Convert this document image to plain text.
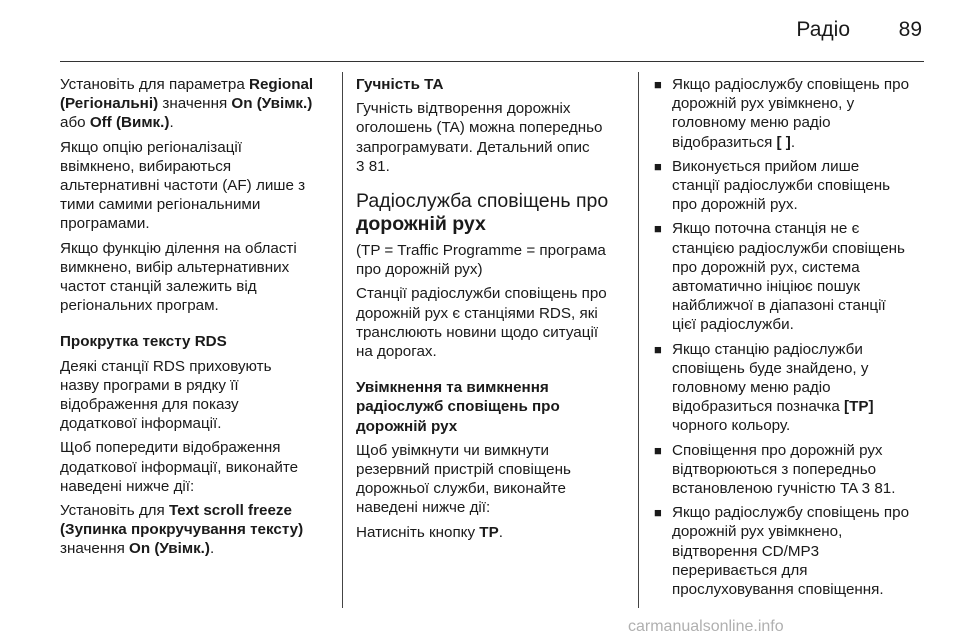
Радіо	89

Установіть для параметра Regional
(Регіональні) значення On (Увімк.)
або Off (Вимк.).

Якщо опцію регіоналізації
ввімкнено, вибираються
альтернативні частоти (AF) лише з
тими самими регіональними
програмами.

Якщо функцію ділення на області
вимкнено, вибір альтернативних
частот станцій залежить від
регіональних програм.

Прокрутка тексту RDS

Деякі станції RDS приховують
назву програми в рядку її
відображення для показу
додаткової інформації.

Щоб попередити відображення
додаткової інформації, виконайте
наведені нижче дії:

Установіть для Text scroll freeze
(Зупинка прокручування тексту)
значення On (Увімк.).

Гучність ТА

Гучність відтворення дорожніх
оголошень (TA) можна попередньо
запрограмувати. Детальний опис
3 81.

Радіослужба сповіщень про
дорожній рух

(TP = Traffic Programme = програма
про дорожній рух)

Станції радіослужби сповіщень про
дорожній рух є станціями RDS, які
транслюють новини щодо ситуації
на дорогах.

Увімкнення та вимкнення
радіослужб сповіщень про
дорожній рух

Щоб увімкнути чи вимкнути
резервний пристрій сповіщень
дорожньої служби, виконайте
наведені нижче дії:

Натисніть кнопку TP.

■ Якщо радіослужбу сповіщень про
дорожній рух увімкнено, у
головному меню радіо
відобразиться [ ].
■ Виконується прийом лише
станції радіослужби сповіщень
про дорожній рух.
■ Якщо поточна станція не є
станцією радіослужби сповіщень
про дорожній рух, система
автоматично ініціює пошук
найближчої в діапазоні станції
цієї радіослужби.
■ Якщо станцію радіослужби
сповіщень буде знайдено, у
головному меню радіо
відобразиться позначка [TP]
чорного кольору.
■ Сповіщення про дорожній рух
відтворюються з попередньо
встановленою гучністю TA 3 81.
■ Якщо радіослужбу сповіщень про
дорожній рух увімкнено,
відтворення CD/MP3
переривається для
прослуховування сповіщення.
carmanualsonline.info
